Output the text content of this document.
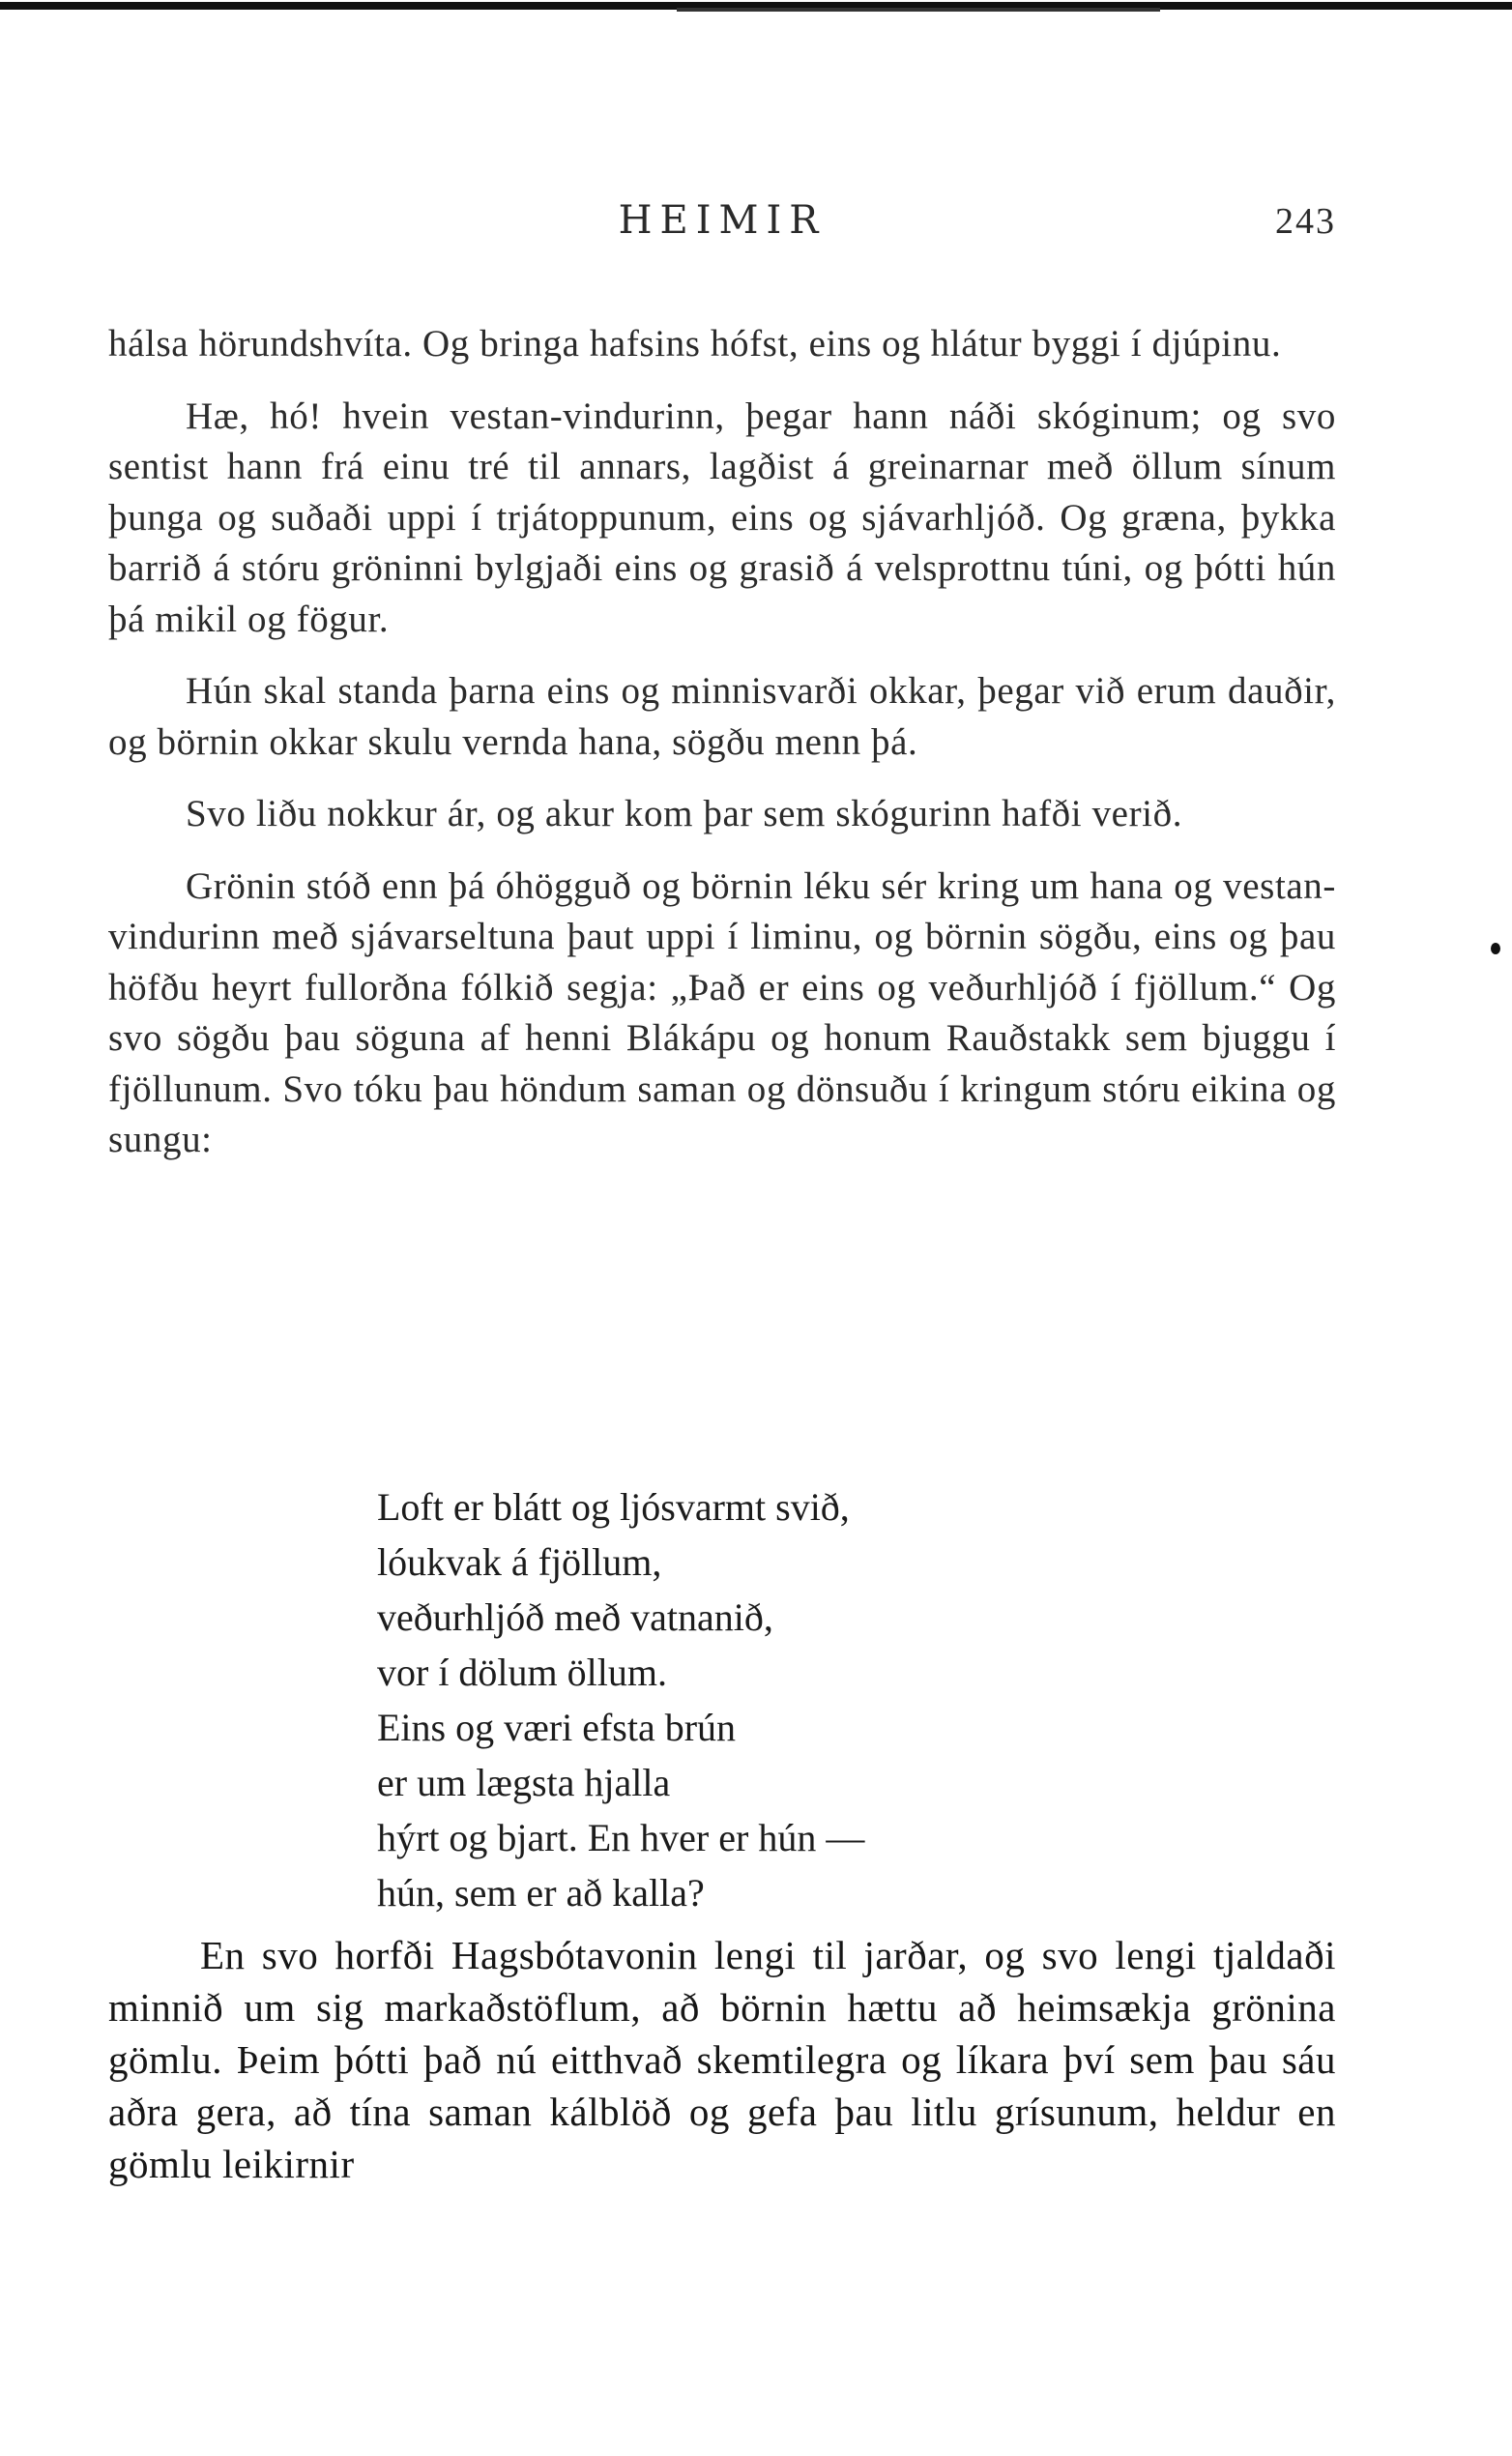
HEIMIR	243

hálsa hörundshvíta. Og bringa hafsins hófst, eins og hlátur byggi í djúpinu.

Hæ, hó! hvein vestan-vindurinn, þegar hann náði skóginum; og svo sentist hann frá einu tré til annars, lagðist á greinarnar með öllum sínum þunga og suðaði uppi í trjátoppunum, eins og sjávarhljóð. Og græna, þykka barrið á stóru gröninni bylgjaði eins og grasið á velsprottnu túni, og þótti hún þá mikil og fögur.

Hún skal standa þarna eins og minnisvarði okkar, þegar við erum dauðir, og börnin okkar skulu vernda hana, sögðu menn þá.

Svo liðu nokkur ár, og akur kom þar sem skógurinn hafði verið.

Grönin stóð enn þá óhögguð og börnin léku sér kring um hana og vestan-vindurinn með sjávarseltuna þaut uppi í liminu, og börnin sögðu, eins og þau höfðu heyrt fullorðna fólkið segja: „Það er eins og veðurhljóð í fjöllum.“ Og svo sögðu þau söguna af henni Blákápu og honum Rauðstakk sem bjuggu í fjöllunum. Svo tóku þau höndum saman og dönsuðu í kringum stóru eikina og sungu:

Loft er blátt og ljósvarmt svið,
lóukvak á fjöllum,
veðurhljóð með vatnanið,
vor í dölum öllum.
Eins og væri efsta brún
er um lægsta hjalla
hýrt og bjart. En hver er hún —
hún, sem er að kalla?

En svo horfði Hagsbótavonin lengi til jarðar, og svo lengi tjaldaði minnið um sig markaðstöflum, að börnin hættu að heimsækja grönina gömlu. Þeim þótti það nú eitthvað skemtilegra og líkara því sem þau sáu aðra gera, að tína saman kálblöð og gefa þau litlu grísunum, heldur en gömlu leikirnir
